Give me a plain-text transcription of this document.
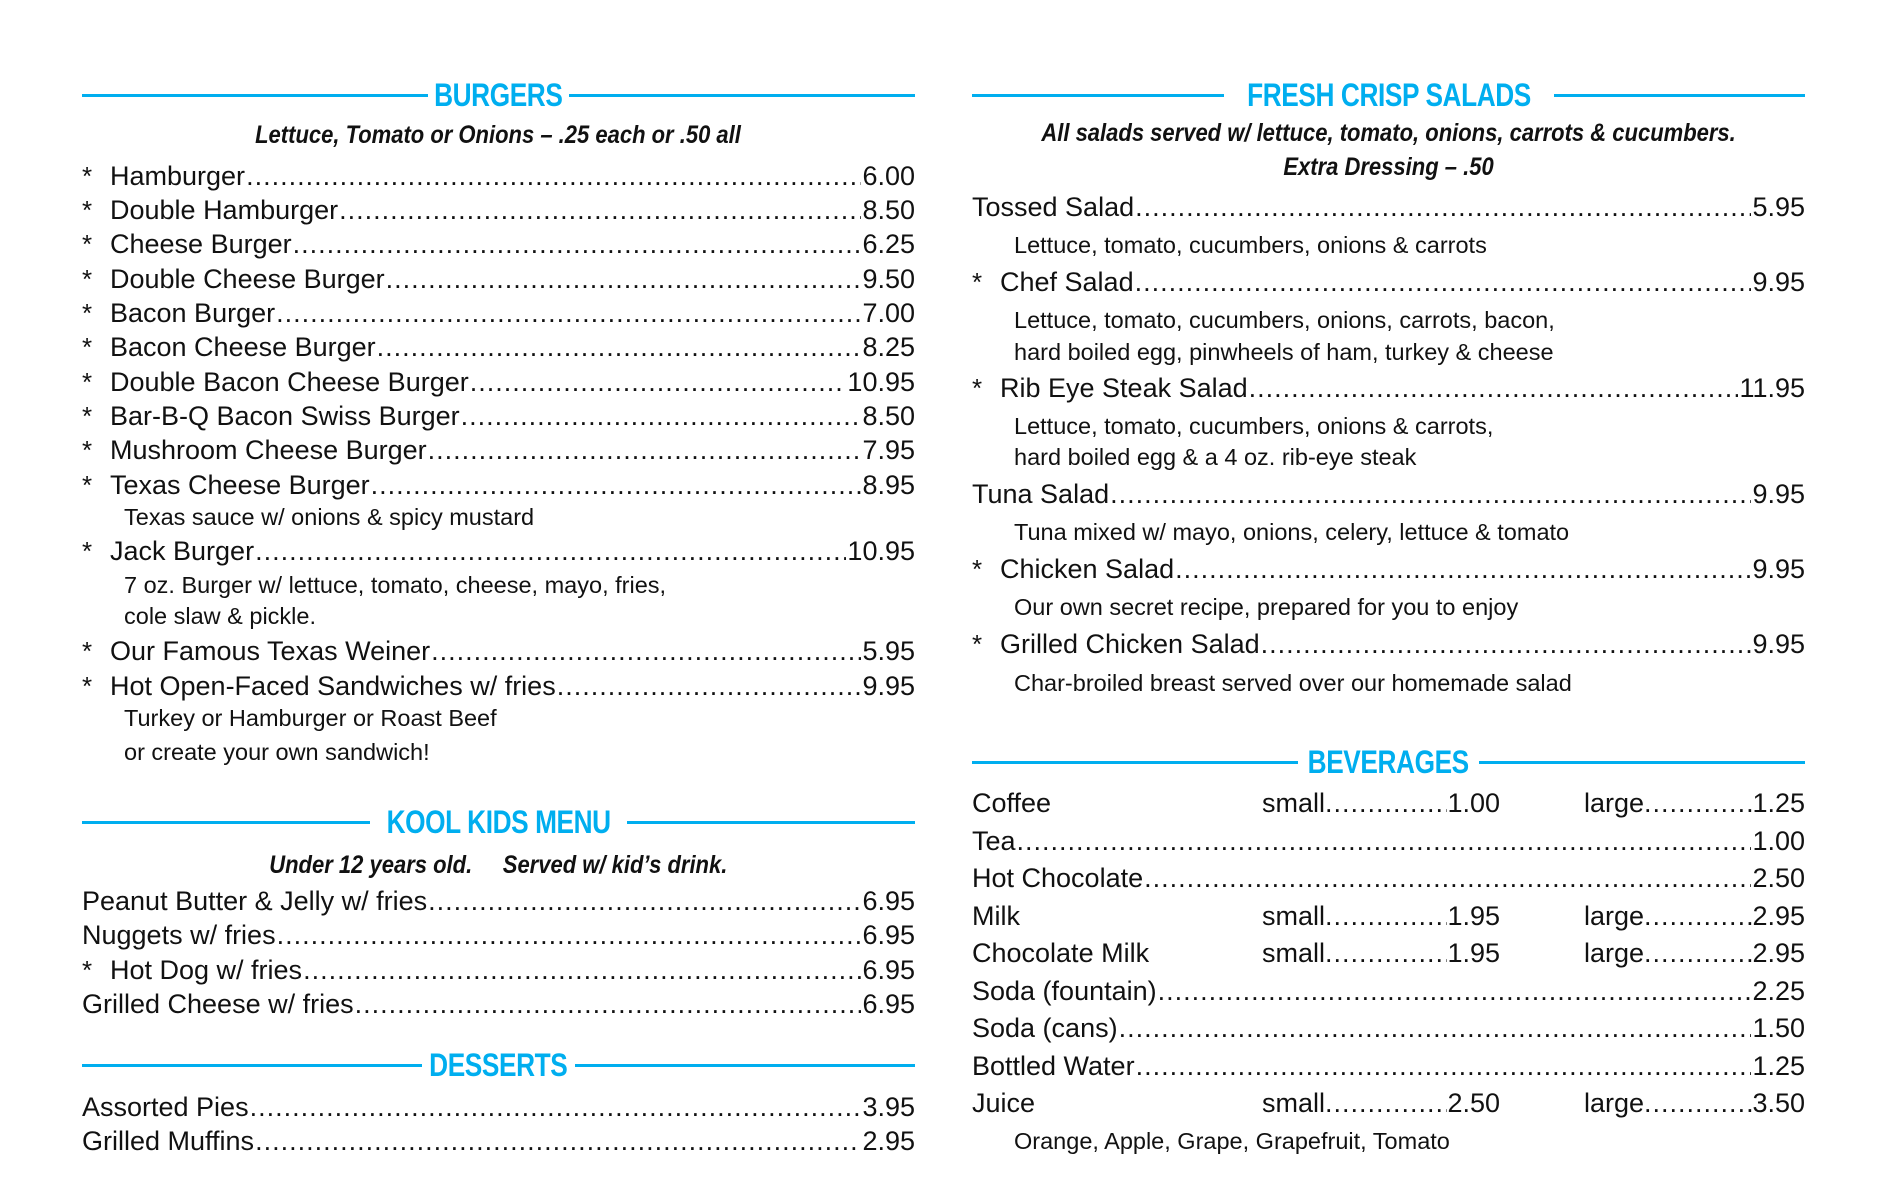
BURGERS
Lettuce, Tomato or Onions – .25 each or .50 all
* Hamburger .....	6.00
* Double Hamburger .....	8.50
* Cheese Burger .....	6.25
* Double Cheese Burger .....	9.50
* Bacon Burger .....	7.00
* Bacon Cheese Burger .....	8.25
* Double Bacon Cheese Burger .....	10.95
* Bar-B-Q Bacon Swiss Burger .....	8.50
* Mushroom Cheese Burger .....	7.95
* Texas Cheese Burger .....	8.95
Texas sauce w/ onions & spicy mustard
* Jack Burger .....	10.95
7 oz. Burger w/ lettuce, tomato, cheese, mayo, fries,
cole slaw & pickle.
* Our Famous Texas Weiner .....	5.95
* Hot Open-Faced Sandwiches w/ fries .....	9.95
Turkey or Hamburger or Roast Beef
or create your own sandwich!
KOOL KIDS MENU
Under 12 years old.     Served w/ kid’s drink.
Peanut Butter & Jelly w/ fries .....	6.95
Nuggets w/ fries .....	6.95
* Hot Dog w/ fries .....	6.95
Grilled Cheese w/ fries .....	6.95
DESSERTS
Assorted Pies .....	3.95
Grilled Muffins .....	2.95
FRESH CRISP SALADS
All salads served w/ lettuce, tomato, onions, carrots & cucumbers.
Extra Dressing – .50
Tossed Salad .....	5.95
Lettuce, tomato, cucumbers, onions & carrots
* Chef Salad .....	9.95
Lettuce, tomato, cucumbers, onions, carrots, bacon,
hard boiled egg, pinwheels of ham, turkey & cheese
* Rib Eye Steak Salad .....	11.95
Lettuce, tomato, cucumbers, onions & carrots,
hard boiled egg & a 4 oz. rib-eye steak
Tuna Salad .....	9.95
Tuna mixed w/ mayo, onions, celery, lettuce & tomato
* Chicken Salad .....	9.95
Our own secret recipe, prepared for you to enjoy
* Grilled Chicken Salad .....	9.95
Char-broiled breast served over our homemade salad
BEVERAGES
Coffee	small .....	1.00	large .....	1.25
Tea .....	1.00
Hot Chocolate .....	2.50
Milk	small .....	1.95	large .....	2.95
Chocolate Milk	small .....	1.95	large .....	2.95
Soda (fountain) .....	2.25
Soda (cans) .....	1.50
Bottled Water .....	1.25
Juice	small .....	2.50	large .....	3.50
Orange, Apple, Grape, Grapefruit, Tomato
